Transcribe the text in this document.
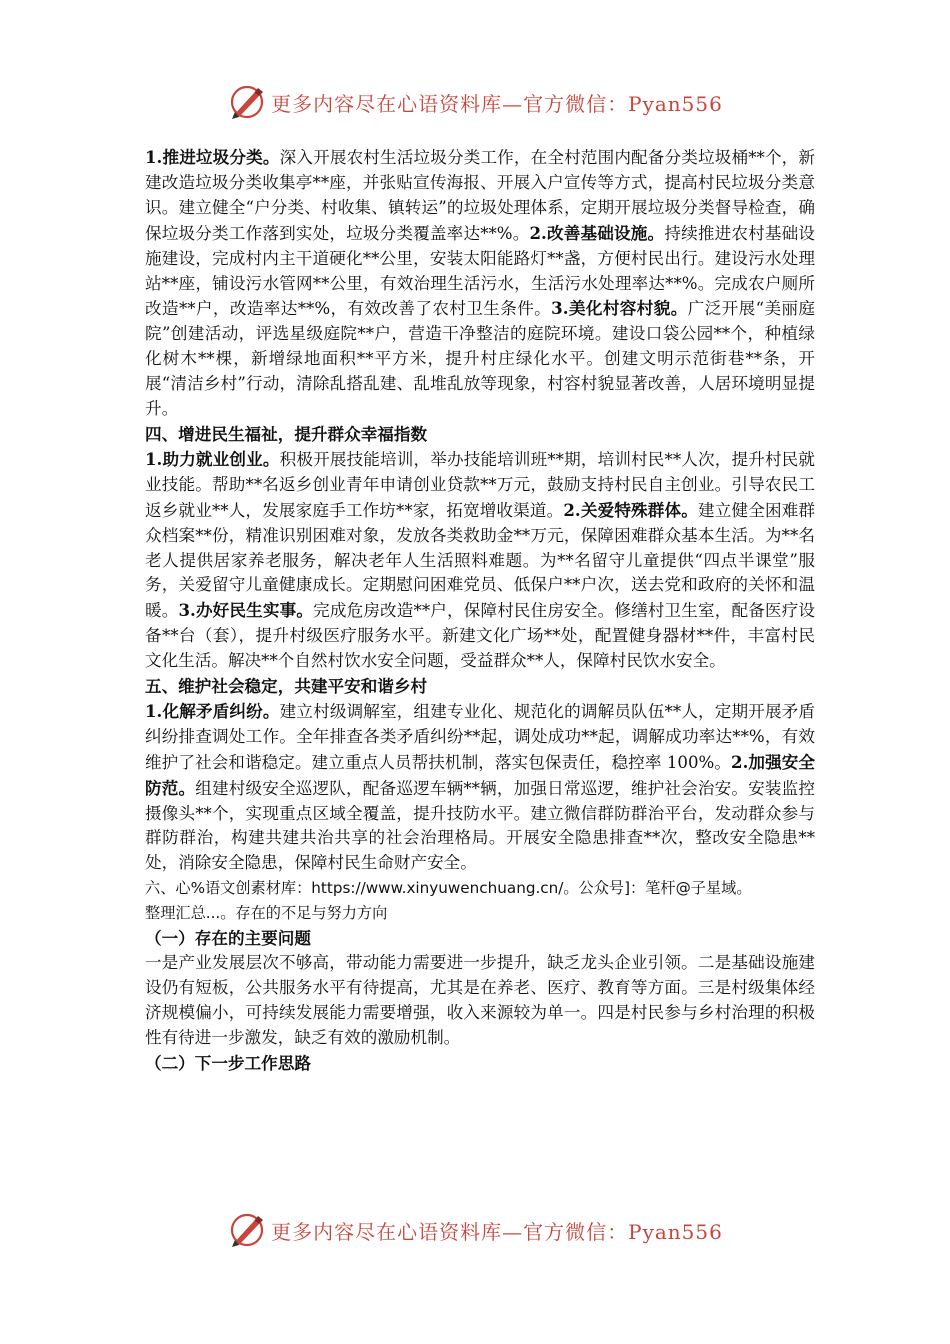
更多内容尽在心语资料库—官方微信：Pyan556

1.推进垃圾分类。深入开展农村生活垃圾分类工作，在全村范围内配备分类垃圾桶**个，新建改造垃圾分类收集亭**座，并张贴宣传海报、开展入户宣传等方式，提高村民垃圾分类意识。建立健全“户分类、村收集、镇转运”的垃圾处理体系，定期开展垃圾分类督导检查，确保垃圾分类工作落到实处，垃圾分类覆盖率达**%。2.改善基础设施。持续推进农村基础设施建设，完成村内主干道硬化**公里，安装太阳能路灯**盏，方便村民出行。建设污水处理站**座，铺设污水管网**公里，有效治理生活污水，生活污水处理率达**%。完成农户厕所改造**户，改造率达**%，有效改善了农村卫生条件。3.美化村容村貌。广泛开展“美丽庭院”创建活动，评选星级庭院**户，营造干净整洁的庭院环境。建设口袋公园**个，种植绿化树木**棵，新增绿地面积**平方米，提升村庄绿化水平。创建文明示范街巷**条，开展“清洁乡村”行动，清除乱搭乱建、乱堆乱放等现象，村容村貌显著改善，人居环境明显提升。

四、增进民生福祉，提升群众幸福指数

1.助力就业创业。积极开展技能培训，举办技能培训班**期，培训村民**人次，提升村民就业技能。帮助**名返乡创业青年申请创业贷款**万元，鼓励支持村民自主创业。引导农民工返乡就业**人，发展家庭手工作坊**家，拓宽增收渠道。2.关爱特殊群体。建立健全困难群众档案**份，精准识别困难对象，发放各类救助金**万元，保障困难群众基本生活。为**名老人提供居家养老服务，解决老年人生活照料难题。为**名留守儿童提供“四点半课堂”服务，关爱留守儿童健康成长。定期慰问困难党员、低保户**户次，送去党和政府的关怀和温暖。3.办好民生实事。完成危房改造**户，保障村民住房安全。修缮村卫生室，配备医疗设备**台（套），提升村级医疗服务水平。新建文化广场**处，配置健身器材**件，丰富村民文化生活。解决**个自然村饮水安全问题，受益群众**人，保障村民饮水安全。

五、维护社会稳定，共建平安和谐乡村

1.化解矛盾纠纷。建立村级调解室，组建专业化、规范化的调解员队伍**人，定期开展矛盾纠纷排查调处工作。全年排查各类矛盾纠纷**起，调处成功**起，调解成功率达**%，有效维护了社会和谐稳定。建立重点人员帮扶机制，落实包保责任，稳控率 100%。2.加强安全防范。组建村级安全巡逻队，配备巡逻车辆**辆，加强日常巡逻，维护社会治安。安装监控摄像头**个，实现重点区域全覆盖，提升技防水平。建立微信群防群治平台，发动群众参与群防群治，构建共建共治共享的社会治理格局。开展安全隐患排查**次，整改安全隐患**处，消除安全隐患，保障村民生命财产安全。

六、心%语文创素材库：https://www.xinyuwenchuang.cn/。公众号]：笔杆@子星域。

整理汇总...。存在的不足与努力方向

（一）存在的主要问题

一是产业发展层次不够高，带动能力需要进一步提升，缺乏龙头企业引领。二是基础设施建设仍有短板，公共服务水平有待提高，尤其是在养老、医疗、教育等方面。三是村级集体经济规模偏小，可持续发展能力需要增强，收入来源较为单一。四是村民参与乡村治理的积极性有待进一步激发，缺乏有效的激励机制。

（二）下一步工作思路

更多内容尽在心语资料库—官方微信：Pyan556
